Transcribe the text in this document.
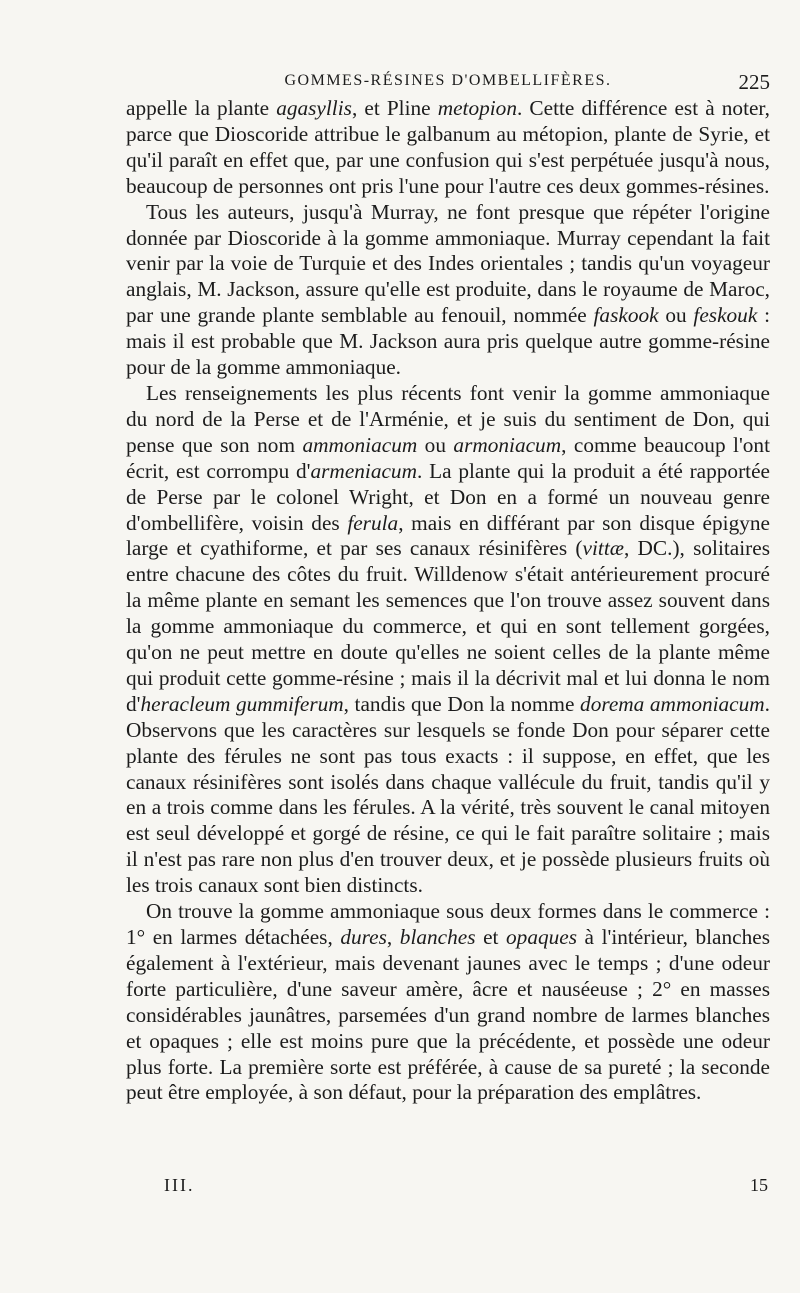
GOMMES-RÉSINES D'OMBELLIFÈRES.	225

appelle la plante agasyllis, et Pline metopion. Cette différence est à noter, parce que Dioscoride attribue le galbanum au métopion, plante de Syrie, et qu'il paraît en effet que, par une confusion qui s'est perpétuée jusqu'à nous, beaucoup de personnes ont pris l'une pour l'autre ces deux gommes-résines.

Tous les auteurs, jusqu'à Murray, ne font presque que répéter l'origine donnée par Dioscoride à la gomme ammoniaque. Murray cependant la fait venir par la voie de Turquie et des Indes orientales ; tandis qu'un voyageur anglais, M. Jackson, assure qu'elle est produite, dans le royaume de Maroc, par une grande plante semblable au fenouil, nommée faskook ou feskouk : mais il est probable que M. Jackson aura pris quelque autre gomme-résine pour de la gomme ammoniaque.

Les renseignements les plus récents font venir la gomme ammoniaque du nord de la Perse et de l'Arménie, et je suis du sentiment de Don, qui pense que son nom ammoniacum ou armoniacum, comme beaucoup l'ont écrit, est corrompu d'armeniacum. La plante qui la produit a été rapportée de Perse par le colonel Wright, et Don en a formé un nouveau genre d'ombellifère, voisin des ferula, mais en différant par son disque épigyne large et cyathiforme, et par ses canaux résinifères (vittæ, DC.), solitaires entre chacune des côtes du fruit. Willdenow s'était antérieurement procuré la même plante en semant les semences que l'on trouve assez souvent dans la gomme ammoniaque du commerce, et qui en sont tellement gorgées, qu'on ne peut mettre en doute qu'elles ne soient celles de la plante même qui produit cette gomme-résine ; mais il la décrivit mal et lui donna le nom d'heracleum gummiferum, tandis que Don la nomme dorema ammoniacum. Observons que les caractères sur lesquels se fonde Don pour séparer cette plante des férules ne sont pas tous exacts : il suppose, en effet, que les canaux résinifères sont isolés dans chaque vallécule du fruit, tandis qu'il y en a trois comme dans les férules. A la vérité, très souvent le canal mitoyen est seul développé et gorgé de résine, ce qui le fait paraître solitaire ; mais il n'est pas rare non plus d'en trouver deux, et je possède plusieurs fruits où les trois canaux sont bien distincts.

On trouve la gomme ammoniaque sous deux formes dans le commerce : 1° en larmes détachées, dures, blanches et opaques à l'intérieur, blanches également à l'extérieur, mais devenant jaunes avec le temps ; d'une odeur forte particulière, d'une saveur amère, âcre et nauséeuse ; 2° en masses considérables jaunâtres, parsemées d'un grand nombre de larmes blanches et opaques ; elle est moins pure que la précédente, et possède une odeur plus forte. La première sorte est préférée, à cause de sa pureté ; la seconde peut être employée, à son défaut, pour la préparation des emplâtres.

III.	15
